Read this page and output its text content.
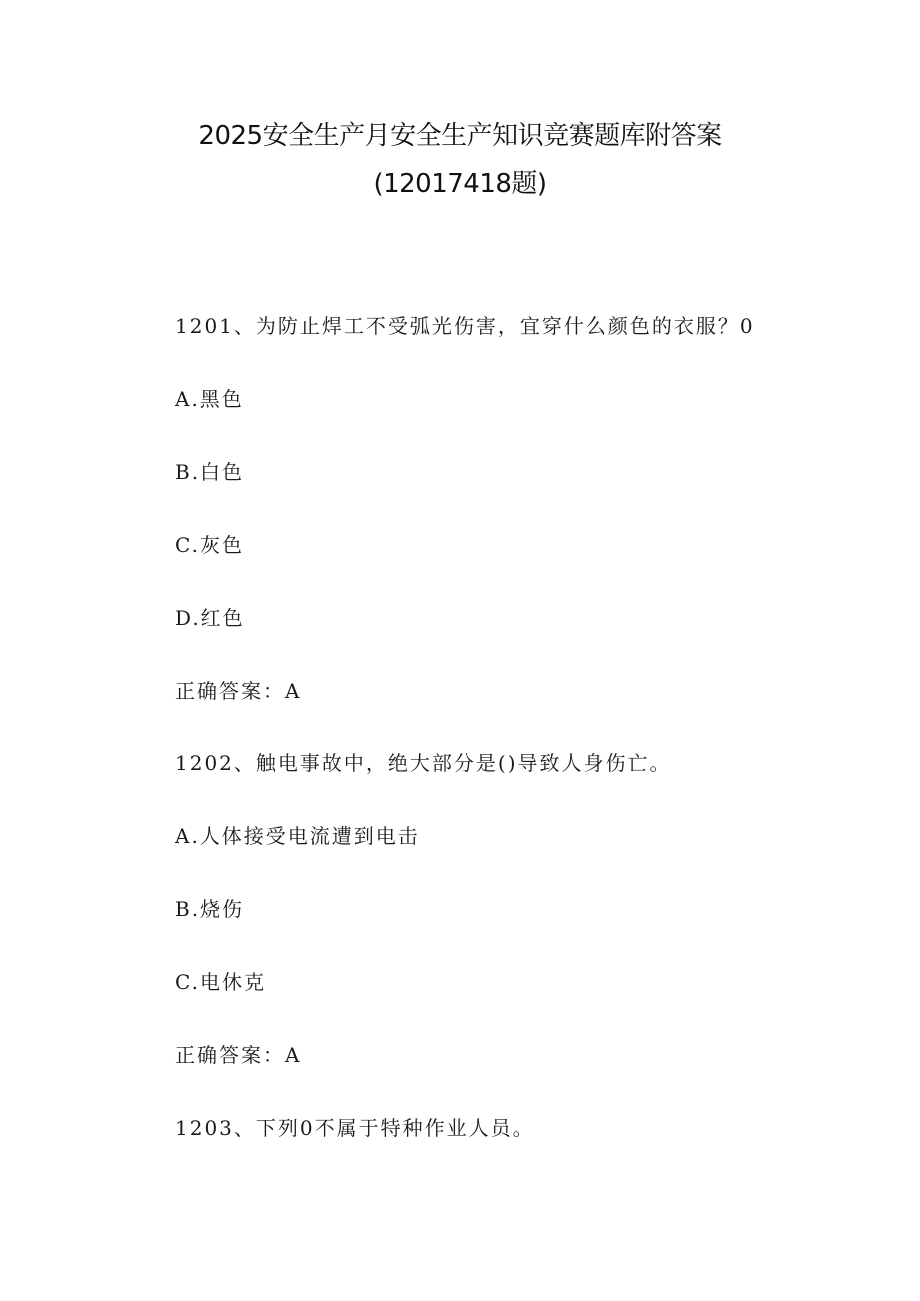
2025安全生产月安全生产知识竞赛题库附答案
(12017418题)

1201、为防止焊工不受弧光伤害，宜穿什么颜色的衣服？0

A.黑色

B.白色

C.灰色

D.红色

正确答案：A

1202、触电事故中，绝大部分是()导致人身伤亡。

A.人体接受电流遭到电击

B.烧伤

C.电休克

正确答案：A

1203、下列0不属于特种作业人员。
